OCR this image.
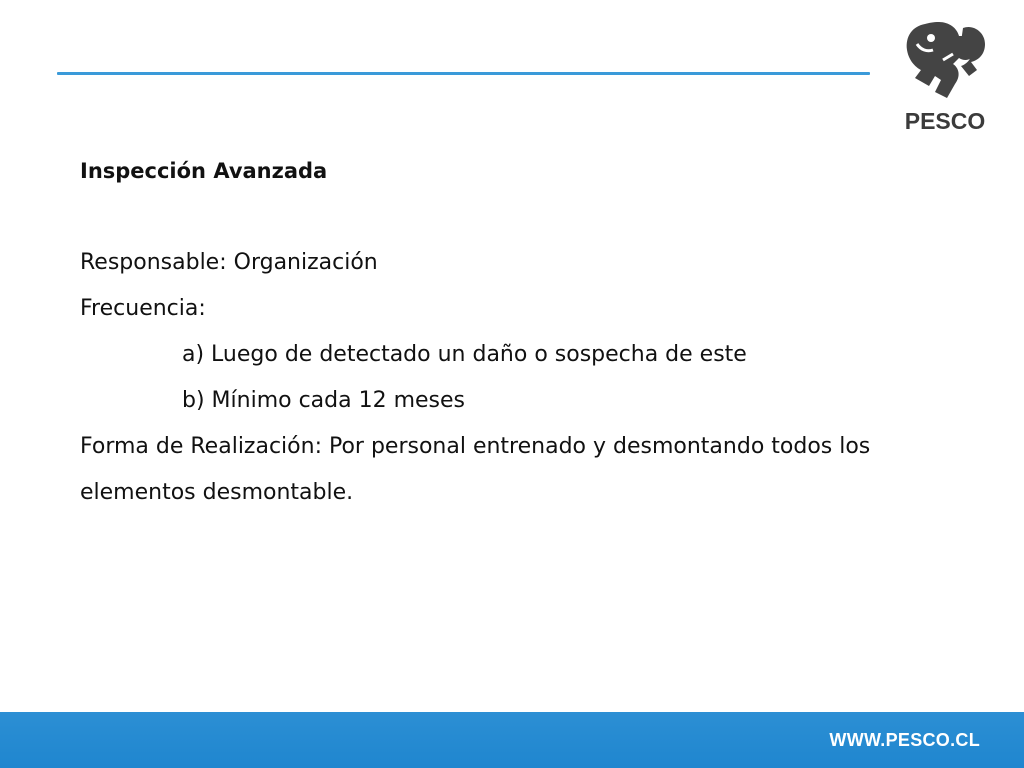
PESCO

Inspección Avanzada

Responsable: Organización

Frecuencia:

a) Luego de detectado un daño o sospecha de este

b) Mínimo cada 12 meses

Forma de Realización: Por personal entrenado y desmontando todos los elementos desmontable.

WWW.PESCO.CL
